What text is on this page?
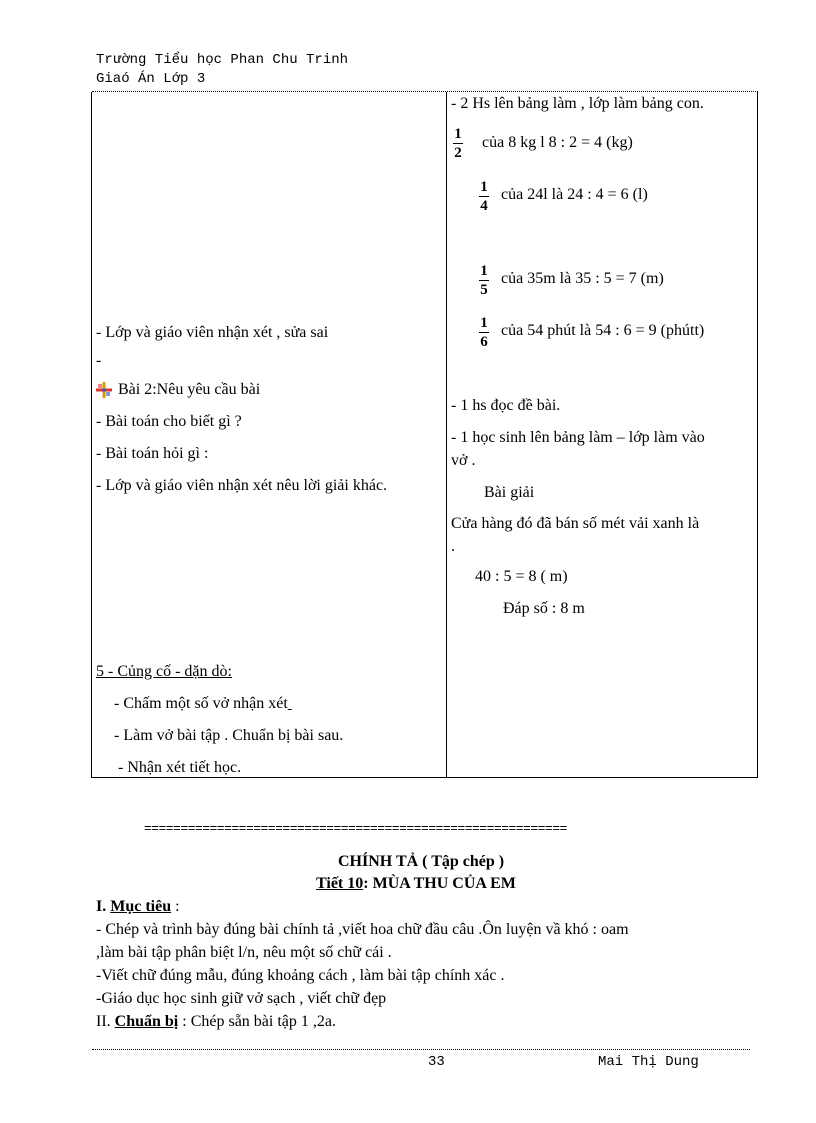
Trường Tiểu học Phan Chu Trinh
Giaó Án Lớp 3
- Lớp và giáo viên nhận xét , sửa sai
-
Bài 2:Nêu yêu cầu bài
- Bài toán cho biết gì ?
- Bài toán hỏi gì :
- Lớp và giáo viên nhận xét nêu lời giải khác.
5 - Củng cố - dặn dò:
- Chấm một số vở nhận xét
- Làm vở bài tập . Chuẩn bị bài sau.
- Nhận xét tiết học.
- 2 Hs lên bảng làm , lớp làm bảng con.
1
2
của 8 kg l 8 : 2 = 4 (kg)
1
4
của 24l là 24 : 4 = 6 (l)
1
5
của 35m là 35 : 5 = 7 (m)
1
6
của 54 phút là 54 : 6 = 9 (phútt)
- 1 hs đọc đề bài.
- 1 học sinh lên bảng làm – lớp làm vào
vở .
Bài giải
Cửa hàng đó đã bán số mét vải xanh là
.
40 : 5 = 8 ( m)
Đáp số : 8 m
==========================================================
CHÍNH TẢ ( Tập chép )
Tiết 10: MÙA THU CỦA EM
I. Mục tiêu :
- Chép và trình bày đúng bài chính tả ,viết hoa chữ đầu câu .Ôn luyện vầ khó : oam
,làm bài tập phân biệt l/n, nêu một số chữ cái .
-Viết chữ đúng mẫu, đúng khoảng cách , làm bài tập chính xác .
-Giáo dục học sinh giữ vở sạch , viết chữ đẹp
II. Chuẩn bị : Chép sẵn bài tập 1 ,2a.
33	Mai Thị Dung
